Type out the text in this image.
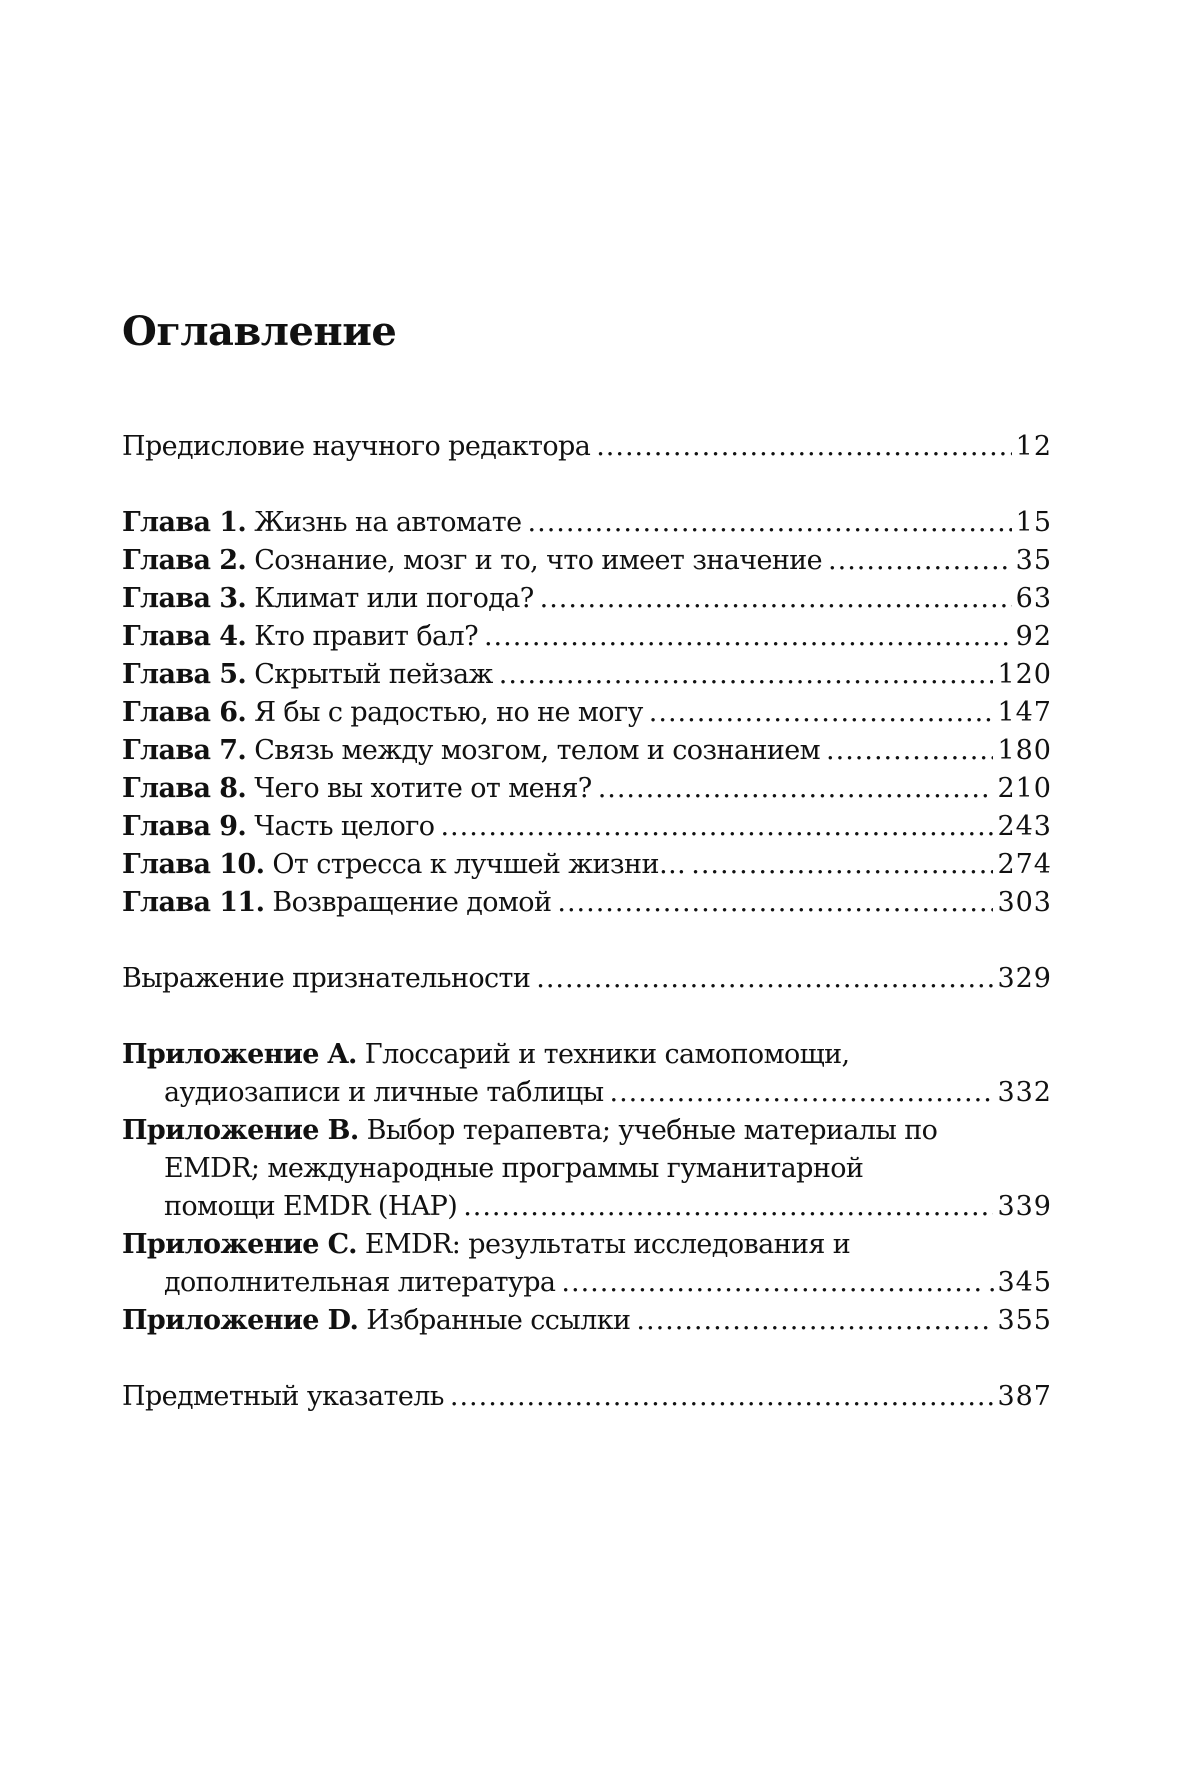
Оглавление
Предисловие научного редактора .....	12
Глава 1. Жизнь на автомате .....	15
Глава 2. Сознание, мозг и то, что имеет значение .....	35
Глава 3. Климат или погода? .....	63
Глава 4. Кто правит бал? .....	92
Глава 5. Скрытый пейзаж .....	120
Глава 6. Я бы с радостью, но не могу .....	147
Глава 7. Связь между мозгом, телом и сознанием .....	180
Глава 8. Чего вы хотите от меня? .....	210
Глава 9. Часть целого .....	243
Глава 10. От стресса к лучшей жизни… .....	274
Глава 11. Возвращение домой .....	303
Выражение признательности .....	329
Приложение A. Глоссарий и техники самопомощи,
аудиозаписи и личные таблицы .....	332
Приложение B. Выбор терапевта; учебные материалы по
EMDR; международные программы гуманитарной
помощи EMDR (HAP) .....	339
Приложение C. EMDR: результаты исследования и
дополнительная литература .....	.345
Приложение D. Избранные ссылки .....	355
Предметный указатель .....	387
